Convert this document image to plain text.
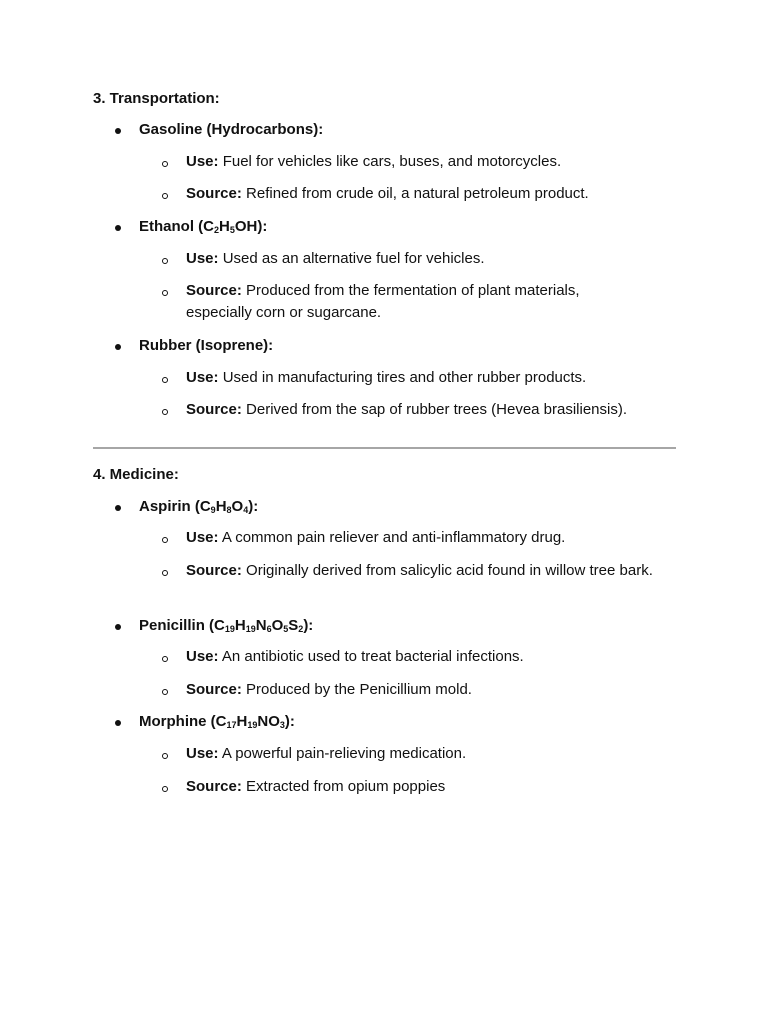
3. Transportation:
Gasoline (Hydrocarbons):
Use: Fuel for vehicles like cars, buses, and motorcycles.
Source: Refined from crude oil, a natural petroleum product.
Ethanol $(C_2H_5OH)$:
Use: Used as an alternative fuel for vehicles.
Source: Produced from the fermentation of plant materials, especially corn or sugarcane.
Rubber (Isoprene):
Use: Used in manufacturing tires and other rubber products.
Source: Derived from the sap of rubber trees (Hevea brasiliensis).
4. Medicine:
Aspirin $(C_9H_8O_4)$:
Use: A common pain reliever and anti-inflammatory drug.
Source: Originally derived from salicylic acid found in willow tree bark.
Penicillin $(C_{19}H_{19}N_6O_5S_2)$:
Use: An antibiotic used to treat bacterial infections.
Source: Produced by the Penicillium mold.
Morphine $(C_{17}H_{19}NO_3)$:
Use: A powerful pain-relieving medication.
Source: Extracted from opium poppies
